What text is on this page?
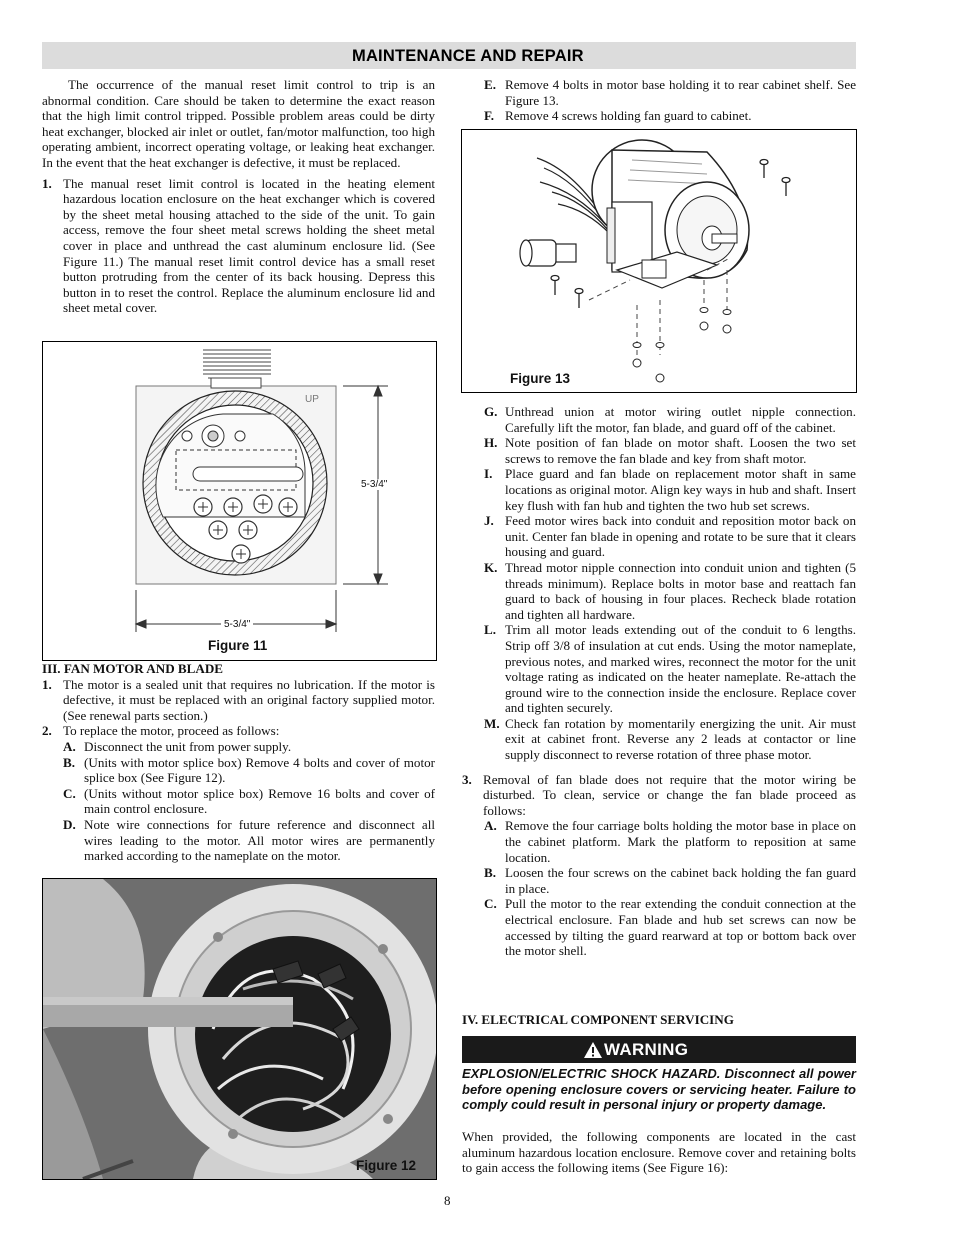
MAINTENANCE AND REPAIR

The occurrence of the manual reset limit control to trip is an abnormal condition. Care should be taken to determine the exact reason that the high limit control tripped. Possible problem areas could be dirty heat exchanger, blocked air inlet or outlet, fan/motor malfunction, too high operating ambient, incorrect operating voltage, or leaking heat exchanger. In the event that the heat exchanger is defective, it must be replaced.

1. The manual reset limit control is located in the heating element hazardous location enclosure on the heat exchanger which is covered by the sheet metal housing attached to the side of the unit. To gain access, remove the four sheet metal screws holding the sheet metal cover in place and unthread the cast aluminum enclosure lid. (See Figure 11.) The manual reset limit control device has a small reset button protruding from the center of its back housing. Depress this button in to reset the control. Replace the aluminum enclosure lid and sheet metal cover.
UP
5-3/4"
5-3/4"
Figure 11
III. FAN MOTOR AND BLADE
1. The motor is a sealed unit that requires no lubrication. If the motor is defective, it must be replaced with an original factory supplied motor. (See renewal parts section.)
2. To replace the motor, proceed as follows:
A. Disconnect the unit from power supply.
B. (Units with motor splice box) Remove 4 bolts and cover of motor splice box (See Figure 12).
C. (Units without motor splice box) Remove 16 bolts and cover of main control enclosure.
D. Note wire connections for future reference and disconnect all wires leading to the motor. All motor wires are permanently marked according to the nameplate on the motor.
Figure 12
E. Remove 4 bolts in motor base holding it to rear cabinet shelf. See Figure 13.
F. Remove 4 screws holding fan guard to cabinet.
Figure 13
G. Unthread union at motor wiring outlet nipple connection. Carefully lift the motor, fan blade, and guard off of the cabinet.
H. Note position of fan blade on motor shaft. Loosen the two set screws to remove the fan blade and key from shaft motor.
I. Place guard and fan blade on replacement motor shaft in same locations as original motor. Align key ways in hub and shaft. Insert key flush with fan hub and tighten the two hub set screws.
J. Feed motor wires back into conduit and reposition motor back on unit. Center fan blade in opening and rotate to be sure that it clears housing and guard.
K. Thread motor nipple connection into conduit union and tighten (5 threads minimum). Replace bolts in motor base and reattach fan guard to back of housing in four places. Recheck blade rotation and tighten all hardware.
L. Trim all motor leads extending out of the conduit to 6 lengths. Strip off 3/8 of insulation at cut ends. Using the motor nameplate, previous notes, and marked wires, reconnect the motor for the unit voltage rating as indicated on the heater nameplate. Re-attach the ground wire to the connection inside the enclosure. Replace cover and tighten securely.
M. Check fan rotation by momentarily energizing the unit. Air must exit at cabinet front. Reverse any 2 leads at contactor or line supply disconnect to reverse rotation of three phase motor.
3. Removal of fan blade does not require that the motor wiring be disturbed. To clean, service or change the fan blade proceed as follows:
A. Remove the four carriage bolts holding the motor base in place on the cabinet platform. Mark the platform to reposition at same location.
B. Loosen the four screws on the cabinet back holding the fan guard in place.
C. Pull the motor to the rear extending the conduit connection at the electrical enclosure. Fan blade and hub set screws can now be accessed by tilting the guard rearward at top or bottom back over the motor shell.
IV. ELECTRICAL COMPONENT SERVICING
WARNING
EXPLOSION/ELECTRIC SHOCK HAZARD. Disconnect all power before opening enclosure covers or servicing heater. Failure to comply could result in personal injury or property damage.

When provided, the following components are located in the cast aluminum hazardous location enclosure. Remove cover and retaining bolts to gain access the following items (See Figure 16):

8
